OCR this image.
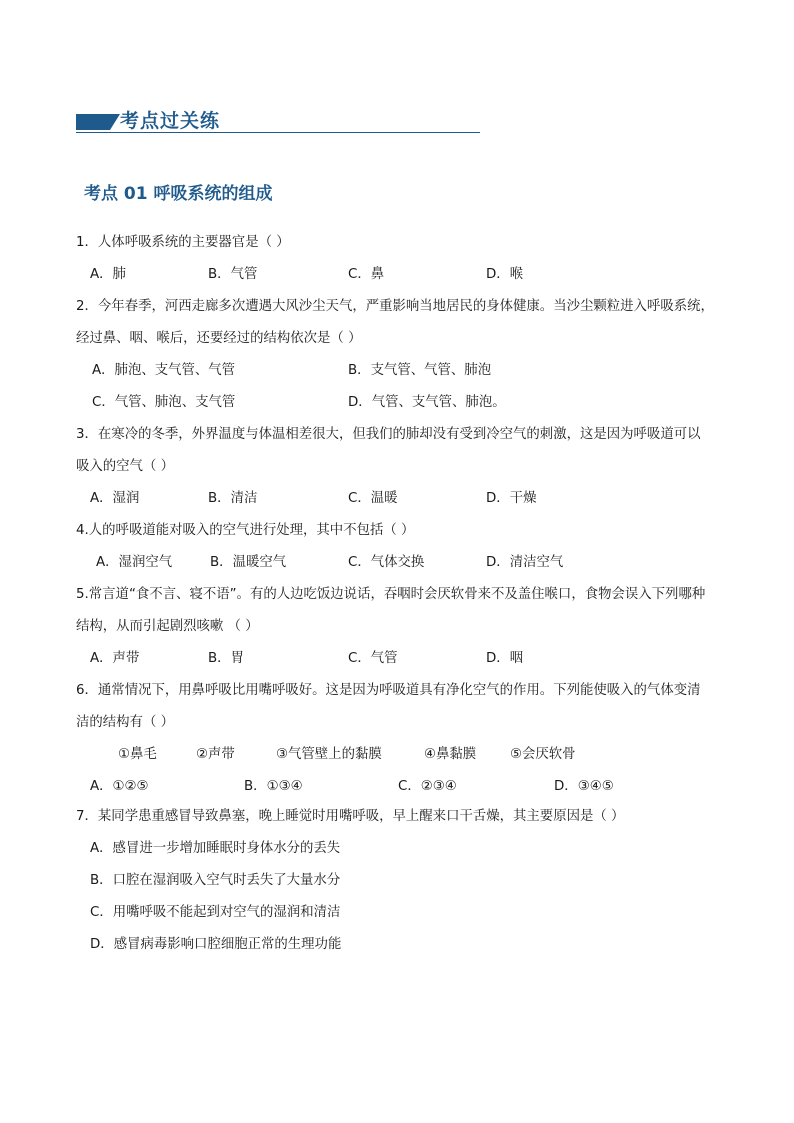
考点过关练
考点 01 呼吸系统的组成
1．人体呼吸系统的主要器官是（ ）
A．肺	B．气管	C．鼻	D．喉
2．今年春季，河西走廊多次遭遇大风沙尘天气，严重影响当地居民的身体健康。当沙尘颗粒进入呼吸系统，
经过鼻、咽、喉后，还要经过的结构依次是（ ）
A．肺泡、支气管、气管	B．支气管、气管、肺泡
C．气管、肺泡、支气管	D．气管、支气管、肺泡。
3．在寒冷的冬季，外界温度与体温相差很大，但我们的肺却没有受到冷空气的刺激，这是因为呼吸道可以
吸入的空气（ ）
A．湿润	B．清洁	C．温暖	D．干燥
4.人的呼吸道能对吸入的空气进行处理，其中不包括（ ）
A．湿润空气	B．温暖空气	C．气体交换	D．清洁空气
5.常言道“食不言、寝不语”。有的人边吃饭边说话，吞咽时会厌软骨来不及盖住喉口，食物会误入下列哪种
结构，从而引起剧烈咳嗽 （ ）
A．声带	B．胃	C．气管	D．咽
6．通常情况下，用鼻呼吸比用嘴呼吸好。这是因为呼吸道具有净化空气的作用。下列能使吸入的气体变清
洁的结构有（ ）
①鼻毛	②声带	③气管壁上的黏膜	④鼻黏膜	⑤会厌软骨
A．①②⑤	B．①③④	C．②③④	D．③④⑤
7．某同学患重感冒导致鼻塞，晚上睡觉时用嘴呼吸，早上醒来口干舌燥，其主要原因是（ ）
A．感冒进一步增加睡眠时身体水分的丢失
B．口腔在湿润吸入空气时丢失了大量水分
C．用嘴呼吸不能起到对空气的湿润和清洁
D．感冒病毒影响口腔细胞正常的生理功能
